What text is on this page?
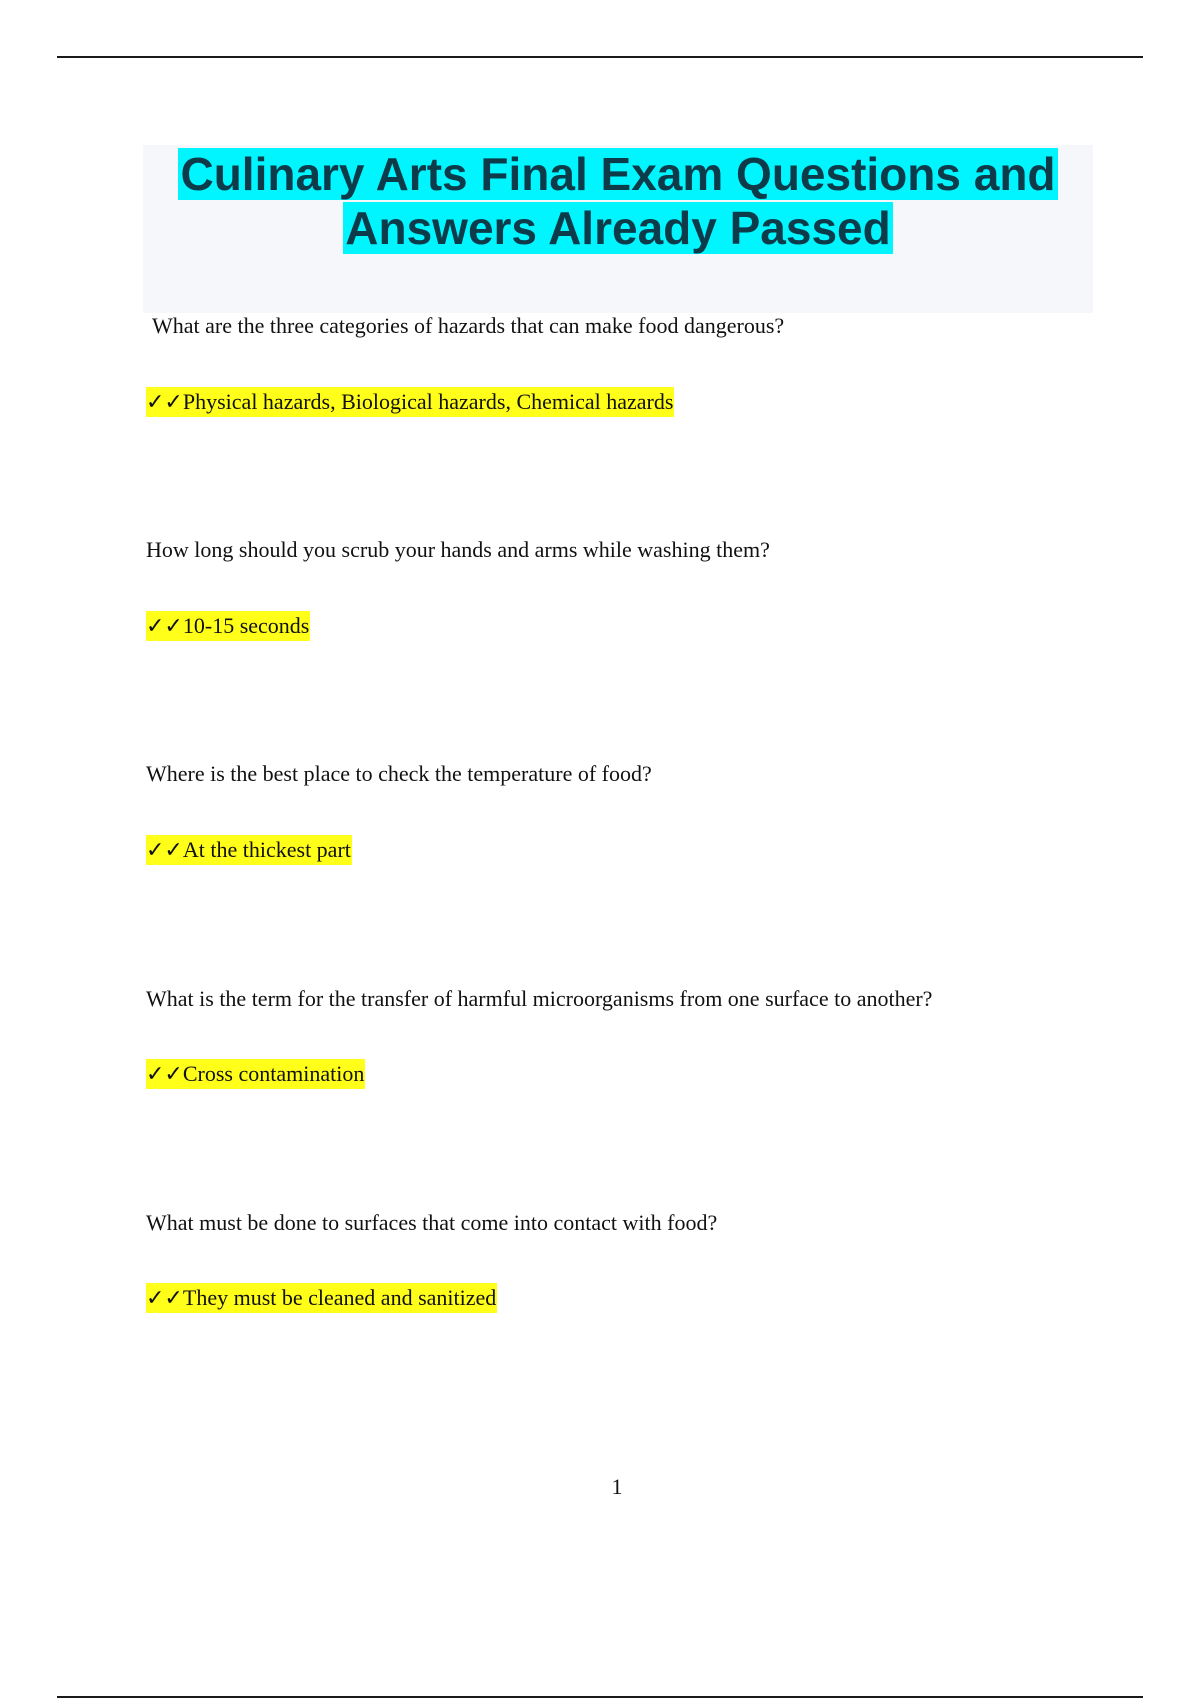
Culinary Arts Final Exam Questions and
Answers Already Passed

What are the three categories of hazards that can make food dangerous?

✓✓Physical hazards, Biological hazards, Chemical hazards

How long should you scrub your hands and arms while washing them?

✓✓10-15 seconds

Where is the best place to check the temperature of food?

✓✓At the thickest part

What is the term for the transfer of harmful microorganisms from one surface to another?

✓✓Cross contamination

What must be done to surfaces that come into contact with food?

✓✓They must be cleaned and sanitized

1
